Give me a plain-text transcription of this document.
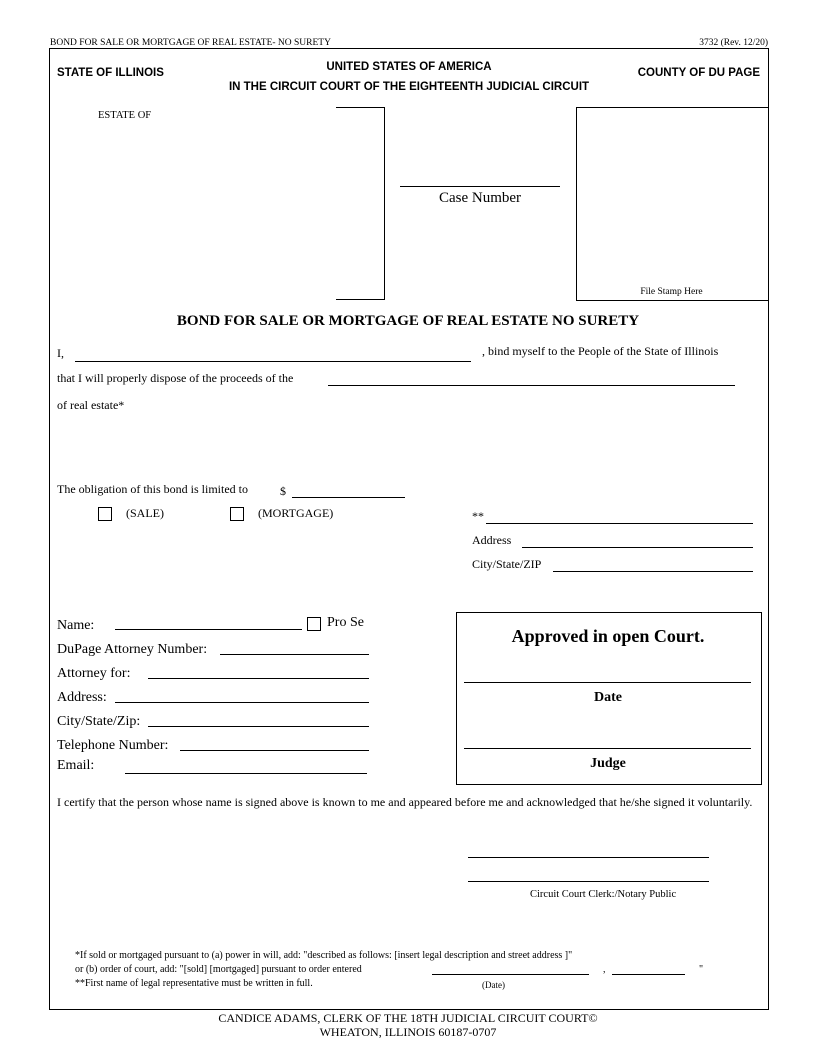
BOND FOR SALE OR MORTGAGE OF REAL ESTATE- NO SURETY	3732 (Rev. 12/20)
STATE OF ILLINOIS	UNITED STATES OF AMERICA
IN THE CIRCUIT COURT OF THE EIGHTEENTH JUDICIAL CIRCUIT
COUNTY OF DU PAGE
ESTATE OF
Case Number
File Stamp Here
BOND FOR SALE OR MORTGAGE OF REAL ESTATE NO SURETY
I,	, bind myself to the People of the State of Illinois
that I will properly dispose of the proceeds of the
of real estate*
The obligation of this bond is limited to	$
(SALE)	(MORTGAGE)	**
Address
City/State/ZIP
Name:	Pro Se
DuPage Attorney Number:
Attorney for:
Address:
City/State/Zip:
Telephone Number:
Email:
Approved in open Court.
Date
Judge
I certify that the person whose name is signed above is known to me and appeared before me and acknowledged that he/she signed it voluntarily.
Circuit Court Clerk:/Notary Public
*If sold or mortgaged pursuant to (a) power in will, add: "described as follows: [insert legal description and street address ]"
or (b) order of court, add: "[sold] [mortgaged] pursuant to order entered	,	"
(Date)
**First name of legal representative must be written in full.
CANDICE ADAMS, CLERK OF THE 18TH JUDICIAL CIRCUIT COURT©
WHEATON, ILLINOIS 60187-0707
